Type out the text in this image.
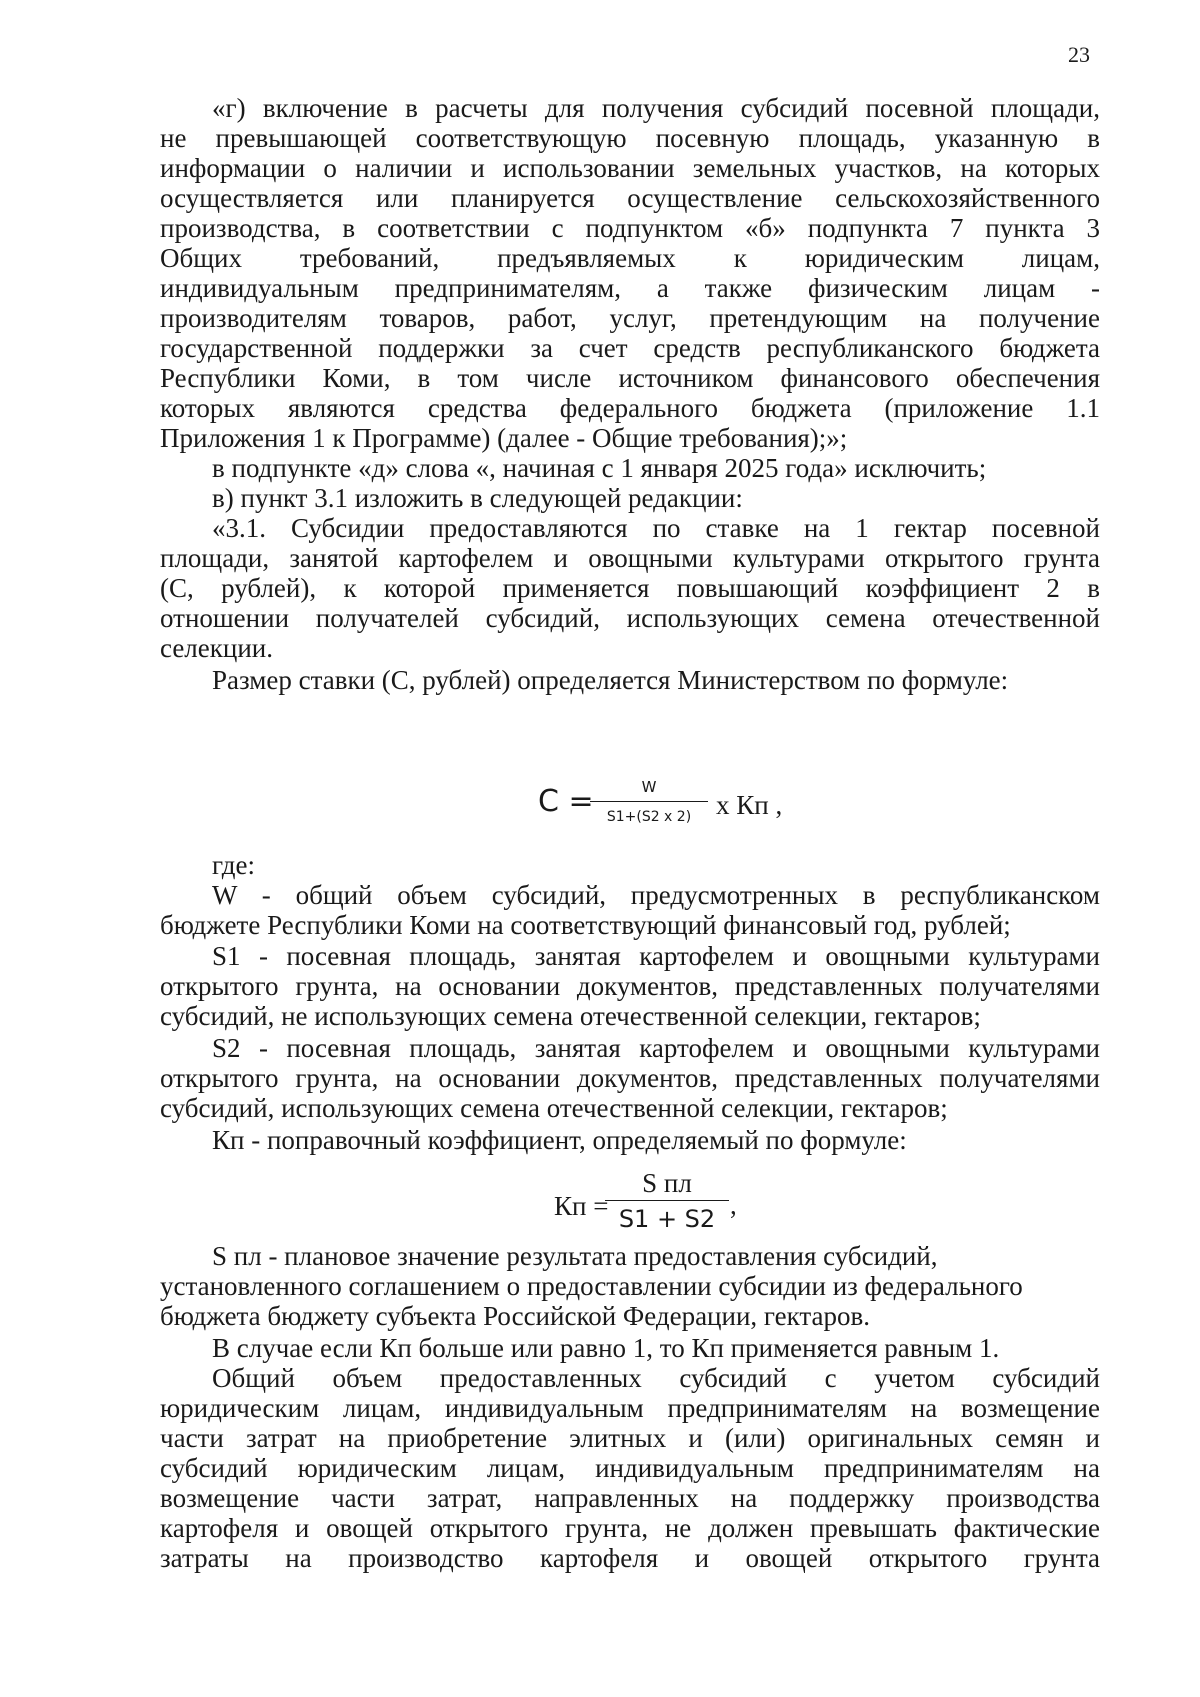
23
«г) включение в расчеты для получения субсидий посевной площади,
не превышающей соответствующую посевную площадь, указанную в
информации о наличии и использовании земельных участков, на которых
осуществляется или планируется осуществление сельскохозяйственного
производства, в соответствии с подпунктом «б» подпункта 7 пункта 3
Общих требований, предъявляемых к юридическим лицам,
индивидуальным предпринимателям, а также физическим лицам -
производителям товаров, работ, услуг, претендующим на получение
государственной поддержки за счет средств республиканского бюджета
Республики Коми, в том числе источником финансового обеспечения
которых являются средства федерального бюджета (приложение 1.1
Приложения 1 к Программе) (далее - Общие требования);»;
в подпункте «д» слова «, начиная с 1 января 2025 года» исключить;
в) пункт 3.1 изложить в следующей редакции:
«3.1. Субсидии предоставляются по ставке на 1 гектар посевной
площади, занятой картофелем и овощными культурами открытого грунта
(С, рублей), к которой применяется повышающий коэффициент 2 в
отношении получателей субсидий, использующих семена отечественной
селекции.
Размер ставки (С, рублей) определяется Министерством по формуле:
C =	W
S1+(S2 x 2) x Кп ,
где:
W - общий объем субсидий, предусмотренных в республиканском
бюджете Республики Коми на соответствующий финансовый год, рублей;
S1 - посевная площадь, занятая картофелем и овощными культурами
открытого грунта, на основании документов, представленных получателями
субсидий, не использующих семена отечественной селекции, гектаров;
S2 - посевная площадь, занятая картофелем и овощными культурами
открытого грунта, на основании документов, представленных получателями
субсидий, использующих семена отечественной селекции, гектаров;
Кп - поправочный коэффициент, определяемый по формуле:
Кп =
S пл
S1 + S2 ,
S пл - плановое значение результата предоставления субсидий,
установленного соглашением о предоставлении субсидии из федерального
бюджета бюджету субъекта Российской Федерации, гектаров.
В случае если Кп больше или равно 1, то Кп применяется равным 1.
Общий объем предоставленных субсидий с учетом субсидий
юридическим лицам, индивидуальным предпринимателям на возмещение
части затрат на приобретение элитных и (или) оригинальных семян и
субсидий юридическим лицам, индивидуальным предпринимателям на
возмещение части затрат, направленных на поддержку производства
картофеля и овощей открытого грунта, не должен превышать фактические
затраты на производство картофеля и овощей открытого грунта
